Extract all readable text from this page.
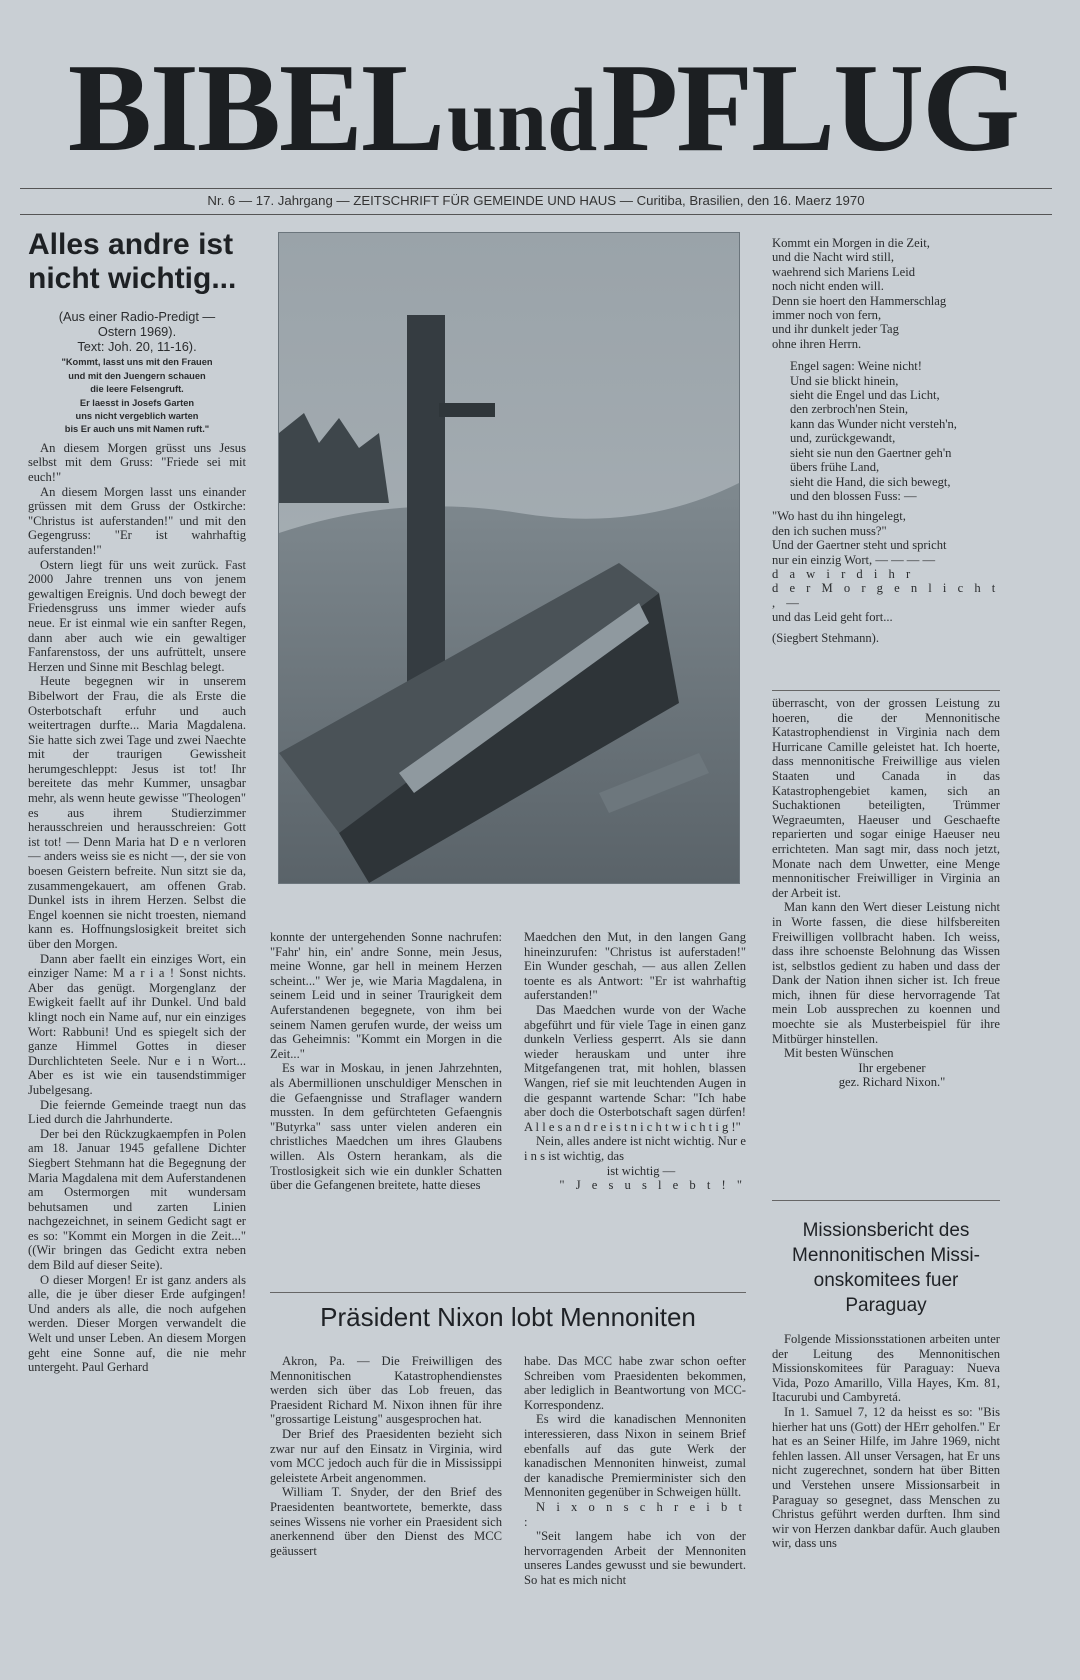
BIBEL und PFLUG
Nr. 6 — 17. Jahrgang — ZEITSCHRIFT FÜR GEMEINDE UND HAUS — Curitiba, Brasilien, den 16. Maerz 1970
Alles andre ist
nicht wichtig...
(Aus einer Radio-Predigt —
Ostern 1969).
Text: Joh. 20, 11-16).
"Kommt, lasst uns mit den Frauen
und mit den Juengern schauen
die leere Felsengruft.
Er laesst in Josefs Garten
uns nicht vergeblich warten
bis Er auch uns mit Namen ruft."

An diesem Morgen grüsst uns Jesus selbst mit dem Gruss: "Friede sei mit euch!"

An diesem Morgen lasst uns einander grüssen mit dem Gruss der Ostkirche: "Christus ist auferstanden!" und mit den Gegengruss: "Er ist wahrhaftig auferstanden!"

Ostern liegt für uns weit zurück. Fast 2000 Jahre trennen uns von jenem gewaltigen Ereignis. Und doch bewegt der Friedensgruss uns immer wieder aufs neue. Er ist einmal wie ein sanfter Regen, dann aber auch wie ein gewaltiger Fanfarenstoss, der uns aufrüttelt, unsere Herzen und Sinne mit Beschlag belegt.

Heute begegnen wir in unserem Bibelwort der Frau, die als Erste die Osterbotschaft erfuhr und auch weitertragen durfte... Maria Magdalena. Sie hatte sich zwei Tage und zwei Naechte mit der traurigen Gewissheit herumgeschleppt: Jesus ist tot! Ihr bereitete das mehr Kummer, unsagbar mehr, als wenn heute gewisse "Theologen" es aus ihrem Studierzimmer herausschreien und herausschreien: Gott ist tot! — Denn Maria hat D e n verloren — anders weiss sie es nicht —, der sie von boesen Geistern befreite. Nun sitzt sie da, zusammengekauert, am offenen Grab. Dunkel ists in ihrem Herzen. Selbst die Engel koennen sie nicht troesten, niemand kann es. Hoffnungslosigkeit breitet sich über den Morgen.

Dann aber faellt ein einziges Wort, ein einziger Name: M a r i a ! Sonst nichts. Aber das genügt. Morgenglanz der Ewigkeit faellt auf ihr Dunkel. Und bald klingt noch ein Name auf, nur ein einziges Wort: Rabbuni! Und es spiegelt sich der ganze Himmel Gottes in dieser Durchlichteten Seele. Nur e i n Wort... Aber es ist wie ein tausendstimmiger Jubelgesang.

Die feiernde Gemeinde traegt nun das Lied durch die Jahrhunderte.

Der bei den Rückzugkaempfen in Polen am 18. Januar 1945 gefallene Dichter Siegbert Stehmann hat die Begegnung der Maria Magdalena mit dem Auferstandenen am Ostermorgen mit wundersam behutsamen und zarten Linien nachgezeichnet, in seinem Gedicht sagt er es so: "Kommt ein Morgen in die Zeit..." ((Wir bringen das Gedicht extra neben dem Bild auf dieser Seite).

O dieser Morgen! Er ist ganz anders als alle, die je über dieser Erde aufgingen! Und anders als alle, die noch aufgehen werden. Dieser Morgen verwandelt die Welt und unser Leben. An diesem Morgen geht eine Sonne auf, die nie mehr untergeht. Paul Gerhard

Kommt ein Morgen in die Zeit,
und die Nacht wird still,
waehrend sich Mariens Leid
noch nicht enden will.
Denn sie hoert den Hammerschlag
immer noch von fern,
und ihr dunkelt jeder Tag
ohne ihren Herrn.
Engel sagen: Weine nicht!
Und sie blickt hinein,
sieht die Engel und das Licht,
den zerbroch'nen Stein,
kann das Wunder nicht versteh'n,
und, zurückgewandt,
sieht sie nun den Gaertner geh'n
übers frühe Land,
sieht die Hand, die sich bewegt,
und den blossen Fuss: —
"Wo hast du ihn hingelegt,
den ich suchen muss?"
Und der Gaertner steht und spricht
nur ein einzig Wort, — — — —
d a w i r d i h r
d e r M o r g e n l i c h t , —
und das Leid geht fort...
(Siegbert Stehmann).

überrascht, von der grossen Leistung zu hoeren, die der Mennonitische Katastrophendienst in Virginia nach dem Hurricane Camille geleistet hat. Ich hoerte, dass mennonitische Freiwillige aus vielen Staaten und Canada in das Katastrophengebiet kamen, sich an Suchaktionen beteiligten, Trümmer Wegraeumten, Haeuser und Geschaefte reparierten und sogar einige Haeuser neu errichteten. Man sagt mir, dass noch jetzt, Monate nach dem Unwetter, eine Menge mennonitischer Freiwilliger in Virginia an der Arbeit ist.

Man kann den Wert dieser Leistung nicht in Worte fassen, die diese hilfsbereiten Freiwilligen vollbracht haben. Ich weiss, dass ihre schoenste Belohnung das Wissen ist, selbstlos gedient zu haben und dass der Dank der Nation ihnen sicher ist. Ich freue mich, ihnen für diese hervorragende Tat mein Lob aussprechen zu koennen und moechte sie als Musterbeispiel für ihre Mitbürger hinstellen.

Mit besten Wünschen

Ihr ergebener

gez. Richard Nixon."

konnte der untergehenden Sonne nachrufen: "Fahr' hin, ein' andre Sonne, mein Jesus, meine Wonne, gar hell in meinem Herzen scheint..." Wer je, wie Maria Magdalena, in seinem Leid und in seiner Traurigkeit dem Auferstandenen begegnete, von ihm bei seinem Namen gerufen wurde, der weiss um das Geheimnis: "Kommt ein Morgen in die Zeit..."

Es war in Moskau, in jenen Jahrzehnten, als Abermillionen unschuldiger Menschen in die Gefaengnisse und Straflager wandern mussten. In dem gefürchteten Gefaengnis "Butyrka" sass unter vielen anderen ein christliches Maedchen um ihres Glaubens willen. Als Ostern herankam, als die Trostlosigkeit sich wie ein dunkler Schatten über die Gefangenen breitete, hatte dieses

Maedchen den Mut, in den langen Gang hineinzurufen: "Christus ist auferstaden!" Ein Wunder geschah, — aus allen Zellen toente es als Antwort: "Er ist wahrhaftig auferstanden!"

Das Maedchen wurde von der Wache abgeführt und für viele Tage in einen ganz dunkeln Verliess gesperrt. Als sie dann wieder herauskam und unter ihre Mitgefangenen trat, mit hohlen, blassen Wangen, rief sie mit leuchtenden Augen in die gespannt wartende Schar: "Ich habe aber doch die Osterbotschaft sagen dürfen! A l l e s a n d r e i s t n i c h t w i c h t i g !"

Nein, alles andere ist nicht wichtig. Nur e i n s ist wichtig, das

ist wichtig —

" J e s u s l e b t ! "

Präsident Nixon lobt Mennoniten

Akron, Pa. — Die Freiwilligen des Mennonitischen Katastrophendienstes werden sich über das Lob freuen, das Praesident Richard M. Nixon ihnen für ihre "grossartige Leistung" ausgesprochen hat.

Der Brief des Praesidenten bezieht sich zwar nur auf den Einsatz in Virginia, wird vom MCC jedoch auch für die in Mississippi geleistete Arbeit angenommen.

William T. Snyder, der den Brief des Praesidenten beantwortete, bemerkte, dass seines Wissens nie vorher ein Praesident sich anerkennend über den Dienst des MCC geäussert

habe. Das MCC habe zwar schon oefter Schreiben vom Praesidenten bekommen, aber lediglich in Beantwortung von MCC-Korrespondenz.

Es wird die kanadischen Mennoniten interessieren, dass Nixon in seinem Brief ebenfalls auf das gute Werk der kanadischen Mennoniten hinweist, zumal der kanadische Premierminister sich den Mennoniten gegenüber in Schweigen hüllt.

N i x o n s c h r e i b t :

"Seit langem habe ich von der hervorragenden Arbeit der Mennoniten unseres Landes gewusst und sie bewundert. So hat es mich nicht

Missionsbericht des
Mennonitischen Missi-
onskomitees fuer
Paraguay

Folgende Missionsstationen arbeiten unter der Leitung des Mennonitischen Missionskomitees für Paraguay: Nueva Vida, Pozo Amarillo, Villa Hayes, Km. 81, Itacurubi und Cambyretá.

In 1. Samuel 7, 12 da heisst es so: "Bis hierher hat uns (Gott) der HErr geholfen." Er hat es an Seiner Hilfe, im Jahre 1969, nicht fehlen lassen. All unser Versagen, hat Er uns nicht zugerechnet, sondern hat über Bitten und Verstehen unsere Missionsarbeit in Paraguay so gesegnet, dass Menschen zu Christus geführt werden durften. Ihm sind wir von Herzen dankbar dafür. Auch glauben wir, dass uns
